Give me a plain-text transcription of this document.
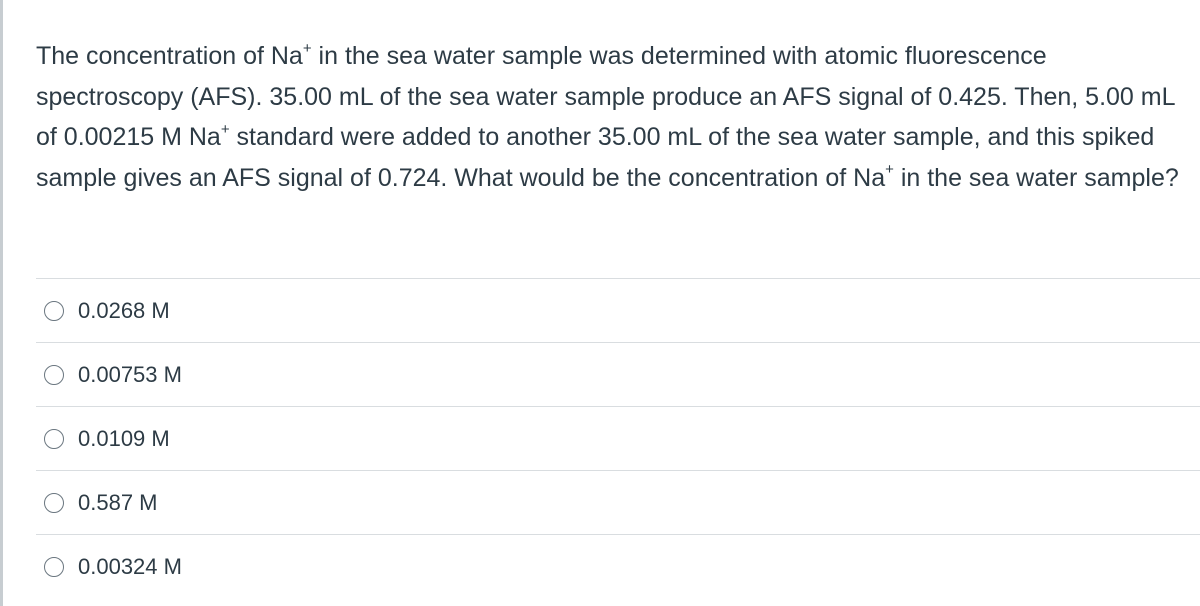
The concentration of Na+ in the sea water sample was determined with atomic fluorescence spectroscopy (AFS). 35.00 mL of the sea water sample produce an AFS signal of 0.425. Then, 5.00 mL of 0.00215 M Na+ standard were added to another 35.00 mL of the sea water sample, and this spiked sample gives an AFS signal of 0.724. What would be the concentration of Na+ in the sea water sample?

0.0268 M
0.00753 M
0.0109 M
0.587 M
0.00324 M
